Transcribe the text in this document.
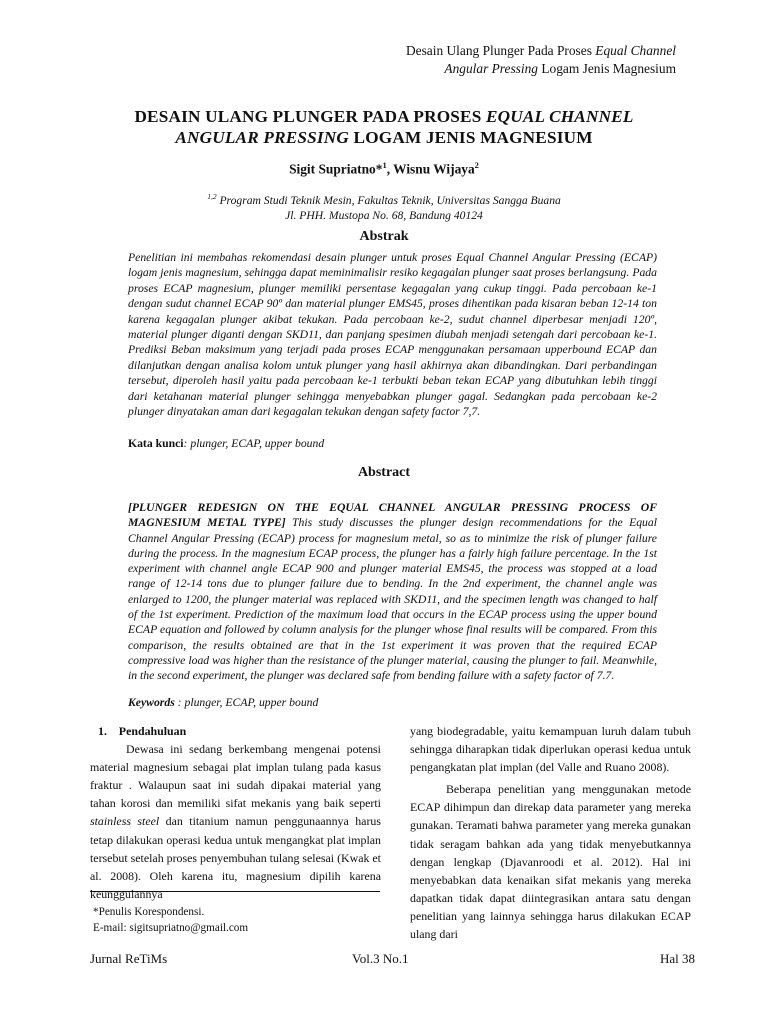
Desain Ulang Plunger Pada Proses Equal Channel
Angular Pressing Logam Jenis Magnesium
DESAIN ULANG PLUNGER PADA PROSES EQUAL CHANNEL
ANGULAR PRESSING LOGAM JENIS MAGNESIUM
Sigit Supriatno*$^1$, Wisnu Wijaya$^2$
$^{1,2}$ Program Studi Teknik Mesin, Fakultas Teknik, Universitas Sangga Buana
Jl. PHH. Mustopa No. 68, Bandung 40124
Abstrak
Penelitian ini membahas rekomendasi desain plunger untuk proses Equal Channel Angular Pressing (ECAP) logam jenis magnesium, sehingga dapat meminimalisir resiko kegagalan plunger saat proses berlangsung. Pada proses ECAP magnesium, plunger memiliki persentase kegagalan yang cukup tinggi. Pada percobaan ke-1 dengan sudut channel ECAP 90º dan material plunger EMS45, proses dihentikan pada kisaran beban 12-14 ton karena kegagalan plunger akibat tekukan. Pada percobaan ke-2, sudut channel diperbesar menjadi 120º, material plunger diganti dengan SKD11, dan panjang spesimen diubah menjadi setengah dari percobaan ke-1. Prediksi Beban maksimum yang terjadi pada proses ECAP menggunakan persamaan upperbound ECAP dan dilanjutkan dengan analisa kolom untuk plunger yang hasil akhirnya akan dibandingkan. Dari perbandingan tersebut, diperoleh hasil yaitu pada percobaan ke-1 terbukti beban tekan ECAP yang dibutuhkan lebih tinggi dari ketahanan material plunger sehingga menyebabkan plunger gagal. Sedangkan pada percobaan ke-2 plunger dinyatakan aman dari kegagalan tekukan dengan safety factor 7,7.
Kata kunci: plunger, ECAP, upper bound
Abstract
[PLUNGER REDESIGN ON THE EQUAL CHANNEL ANGULAR PRESSING PROCESS OF MAGNESIUM METAL TYPE] This study discusses the plunger design recommendations for the Equal Channel Angular Pressing (ECAP) process for magnesium metal, so as to minimize the risk of plunger failure during the process. In the magnesium ECAP process, the plunger has a fairly high failure percentage. In the 1st experiment with channel angle ECAP 900 and plunger material EMS45, the process was stopped at a load range of 12-14 tons due to plunger failure due to bending. In the 2nd experiment, the channel angle was enlarged to 1200, the plunger material was replaced with SKD11, and the specimen length was changed to half of the 1st experiment. Prediction of the maximum load that occurs in the ECAP process using the upper bound ECAP equation and followed by column analysis for the plunger whose final results will be compared. From this comparison, the results obtained are that in the 1st experiment it was proven that the required ECAP compressive load was higher than the resistance of the plunger material, causing the plunger to fail. Meanwhile, in the second experiment, the plunger was declared safe from bending failure with a safety factor of 7.7.
Keywords : plunger, ECAP, upper bound
1.    Pendahuluan

Dewasa ini sedang berkembang mengenai potensi material magnesium sebagai plat implan tulang pada kasus fraktur . Walaupun saat ini sudah dipakai material yang tahan korosi dan memiliki sifat mekanis yang baik seperti stainless steel dan titanium namun penggunaannya harus tetap dilakukan operasi kedua untuk mengangkat plat implan tersebut setelah proses penyembuhan tulang selesai (Kwak et al. 2008). Oleh karena itu, magnesium dipilih karena keunggulannya

yang biodegradable, yaitu kemampuan luruh dalam tubuh sehingga diharapkan tidak diperlukan operasi kedua untuk pengangkatan plat implan (del Valle and Ruano 2008).

Beberapa penelitian yang menggunakan metode ECAP dihimpun dan direkap data parameter yang mereka gunakan. Teramati bahwa parameter yang mereka gunakan tidak seragam bahkan ada yang tidak menyebutkannya dengan lengkap (Djavanroodi et al. 2012). Hal ini menyebabkan data kenaikan sifat mekanis yang mereka dapatkan tidak dapat diintegrasikan antara satu dengan penelitian yang lainnya sehingga harus dilakukan ECAP ulang dari

*Penulis Korespondensi.
E-mail: sigitsupriatno@gmail.com
Jurnal ReTiMs	Vol.3 No.1	Hal 38
